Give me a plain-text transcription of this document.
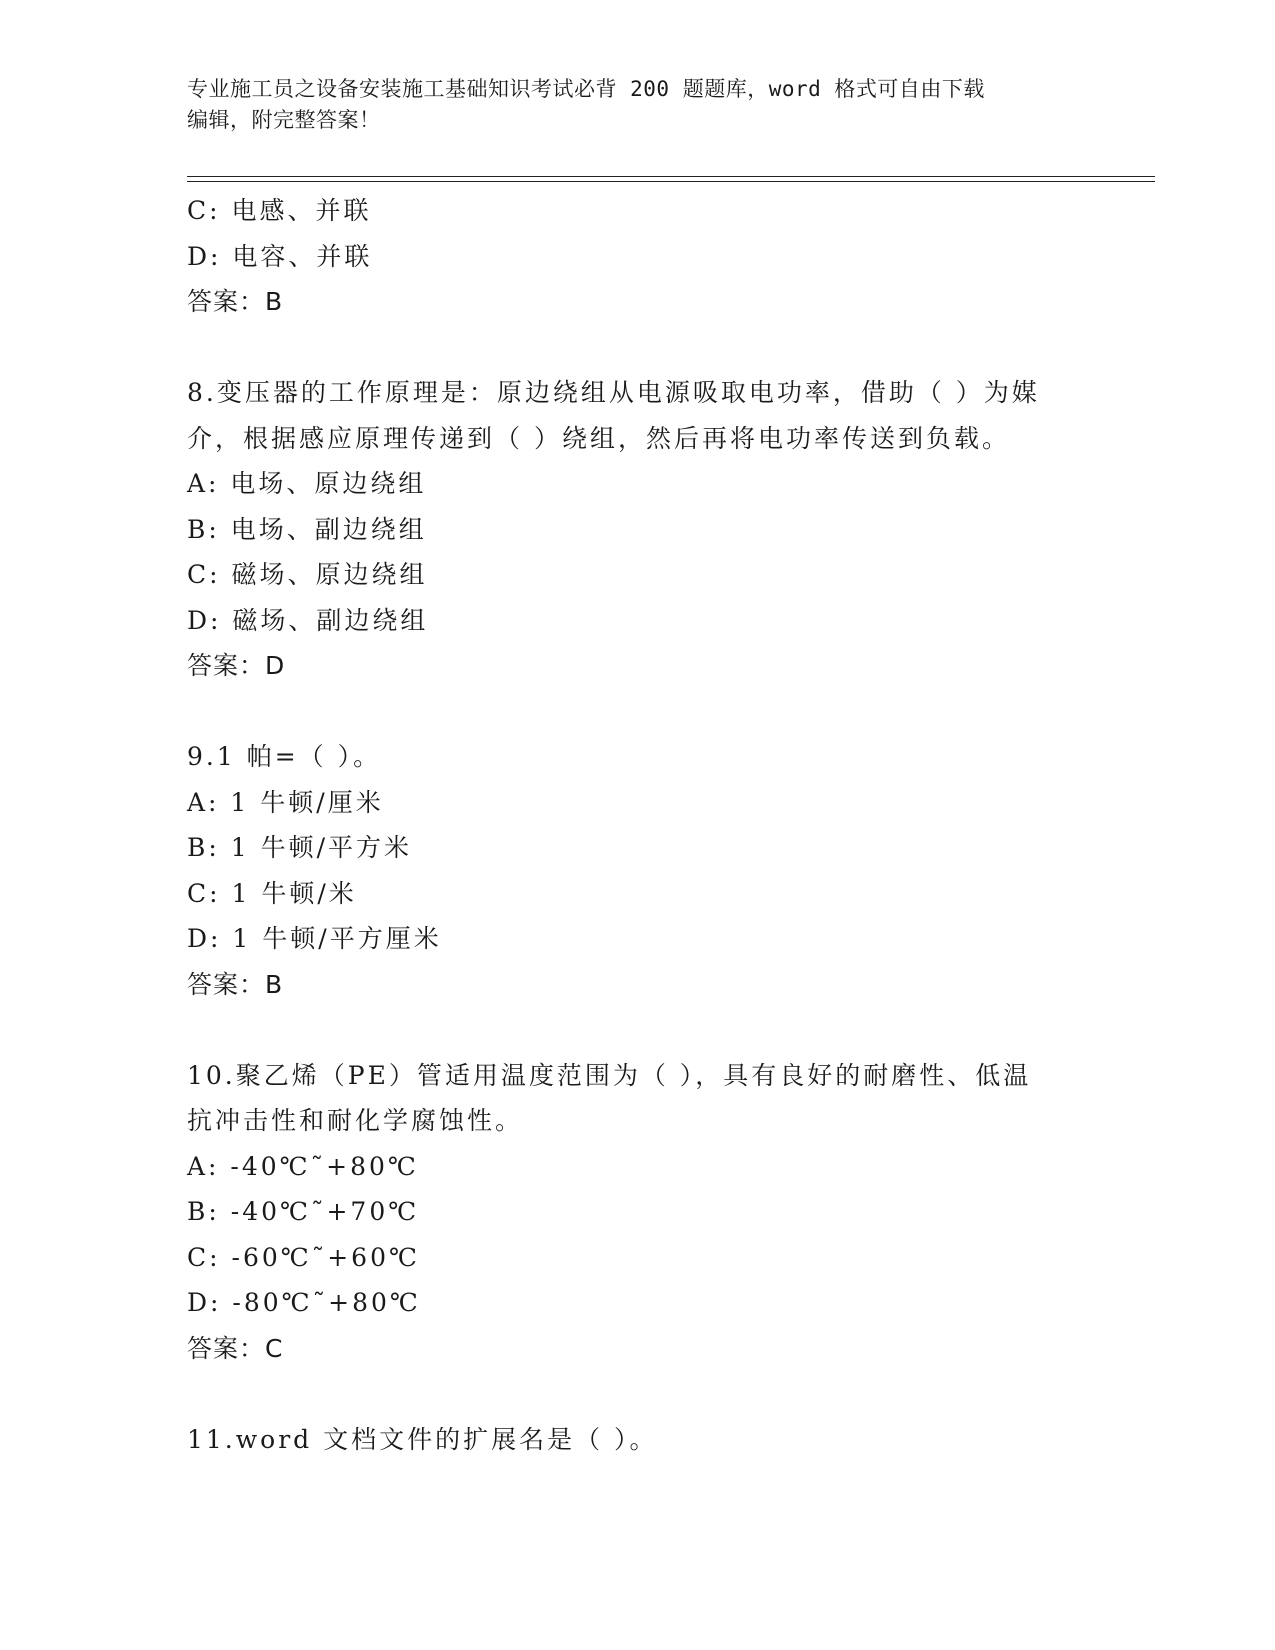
专业施工员之设备安装施工基础知识考试必背 200 题题库，word 格式可自由下载
编辑，附完整答案！
C: 电感、并联
D: 电容、并联
答案：B
8.变压器的工作原理是：原边绕组从电源吸取电功率，借助（ ）为媒
介，根据感应原理传递到（ ）绕组，然后再将电功率传送到负载。
A: 电场、原边绕组
B: 电场、副边绕组
C: 磁场、原边绕组
D: 磁场、副边绕组
答案：D
9.1 帕=（ ）。
A: 1 牛顿/厘米
B: 1 牛顿/平方米
C: 1 牛顿/米
D: 1 牛顿/平方厘米
答案：B
10.聚乙烯（PE）管适用温度范围为（ ），具有良好的耐磨性、低温
抗冲击性和耐化学腐蚀性。
A: -40℃˜+80℃
B: -40℃˜+70℃
C: -60℃˜+60℃
D: -80℃˜+80℃
答案：C
11.word 文档文件的扩展名是（ ）。
